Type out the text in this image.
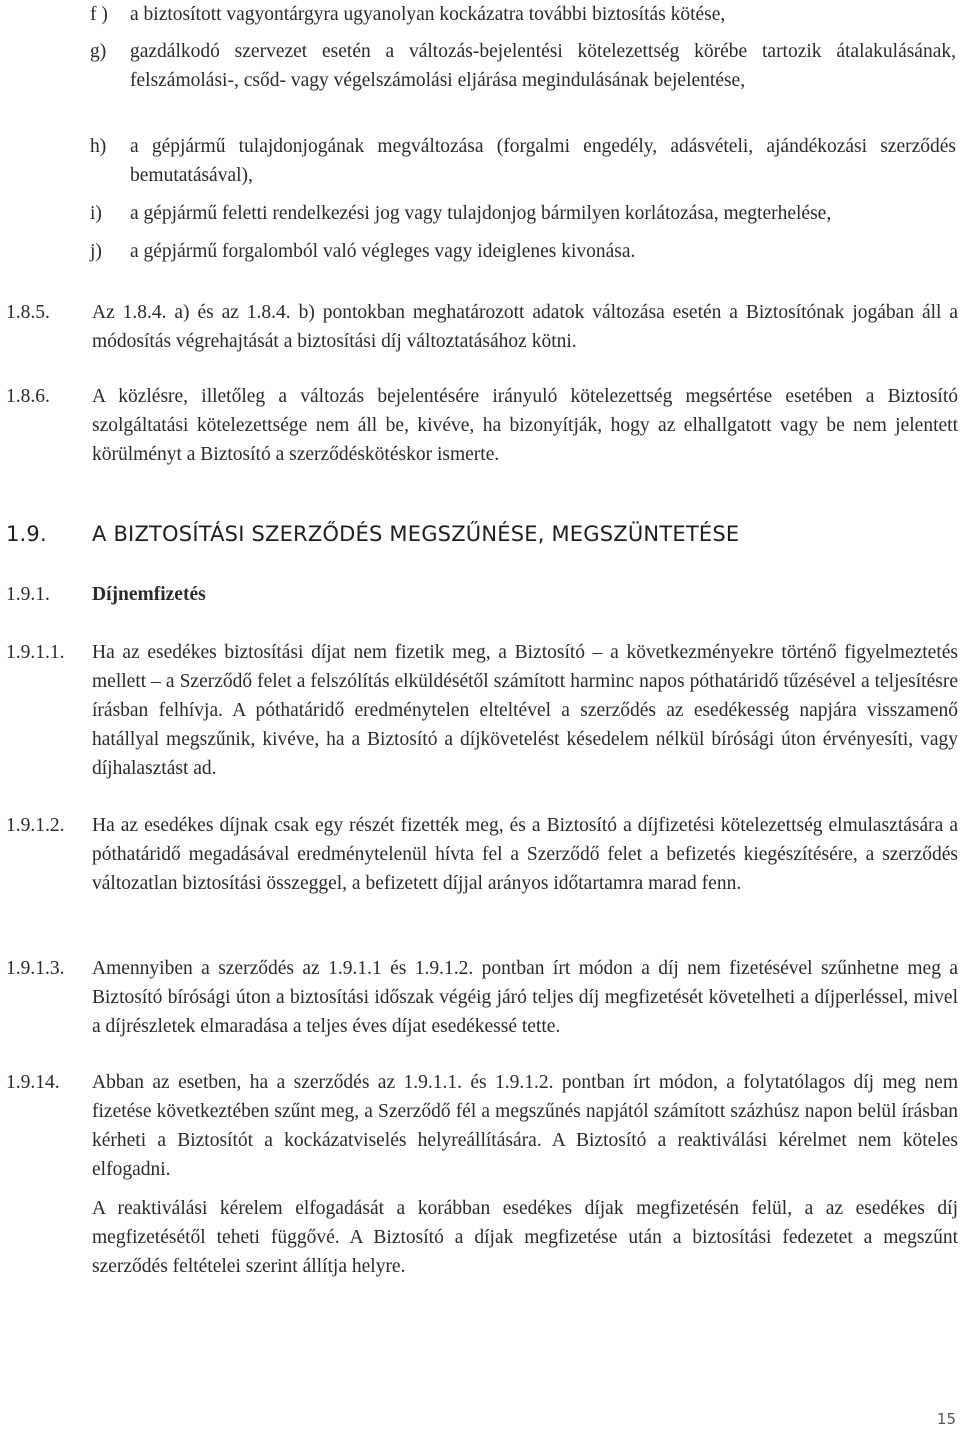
f ) a biztosított vagyontárgyra ugyanolyan kockázatra további biztosítás kötése,
g) gazdálkodó szervezet esetén a változás-bejelentési kötelezettség körébe tartozik átalakulásának, felszámolási-, csőd- vagy végelszámolási eljárása megindulásának bejelentése,
h) a gépjármű tulajdonjogának megváltozása (forgalmi engedély, adásvételi, ajándékozási szerződés bemutatásával),
i) a gépjármű feletti rendelkezési jog vagy tulajdonjog bármilyen korlátozása, megterhelése,
j) a gépjármű forgalomból való végleges vagy ideiglenes kivonása.
1.8.5. Az 1.8.4. a) és az 1.8.4. b) pontokban meghatározott adatok változása esetén a Biztosítónak jogában áll a módosítás végrehajtását a biztosítási díj változtatásához kötni.

1.8.6. A közlésre, illetőleg a változás bejelentésére irányuló kötelezettség megsértése esetében a Biztosító szolgáltatási kötelezettsége nem áll be, kivéve, ha bizonyítják, hogy az elhallgatott vagy be nem jelentett körülményt a Biztosító a szerződéskötéskor ismerte.

1.9. A BIZTOSÍTÁSI SZERZŐDÉS MEGSZŰNÉSE, MEGSZÜNTETÉSE
1.9.1. Díjnemfizetés
1.9.1.1. Ha az esedékes biztosítási díjat nem fizetik meg, a Biztosító – a következményekre történő figyelmeztetés mellett – a Szerződő felet a felszólítás elküldésétől számított harminc napos póthatáridő tűzésével a teljesítésre írásban felhívja. A póthatáridő eredménytelen elteltével a szerződés az esedékesség napjára visszamenő hatállyal megszűnik, kivéve, ha a Biztosító a díjkövetelést késedelem nélkül bírósági úton érvényesíti, vagy díjhalasztást ad.

1.9.1.2. Ha az esedékes díjnak csak egy részét fizették meg, és a Biztosító a díjfizetési kötelezettség elmulasztására a póthatáridő megadásával eredménytelenül hívta fel a Szerződő felet a befizetés kiegészítésére, a szerződés változatlan biztosítási összeggel, a befizetett díjjal arányos időtartamra marad fenn.

1.9.1.3. Amennyiben a szerződés az 1.9.1.1 és 1.9.1.2. pontban írt módon a díj nem fizetésével szűnhetne meg a Biztosító bírósági úton a biztosítási időszak végéig járó teljes díj megfizetését követelheti a díjperléssel, mivel a díjrészletek elmaradása a teljes éves díjat esedékessé tette.

1.9.14. Abban az esetben, ha a szerződés az 1.9.1.1. és 1.9.1.2. pontban írt módon, a folytatólagos díj meg nem fizetése következtében szűnt meg, a Szerződő fél a megszűnés napjától számított százhúsz napon belül írásban kérheti a Biztosítót a kockázatviselés helyreállítására. A Biztosító a reaktiválási kérelmet nem köteles elfogadni.

A reaktiválási kérelem elfogadását a korábban esedékes díjak megfizetésén felül, a az esedékes díj megfizetésétől teheti függővé. A Biztosító a díjak megfizetése után a biztosítási fedezetet a megszűnt szerződés feltételei szerint állítja helyre.

15
